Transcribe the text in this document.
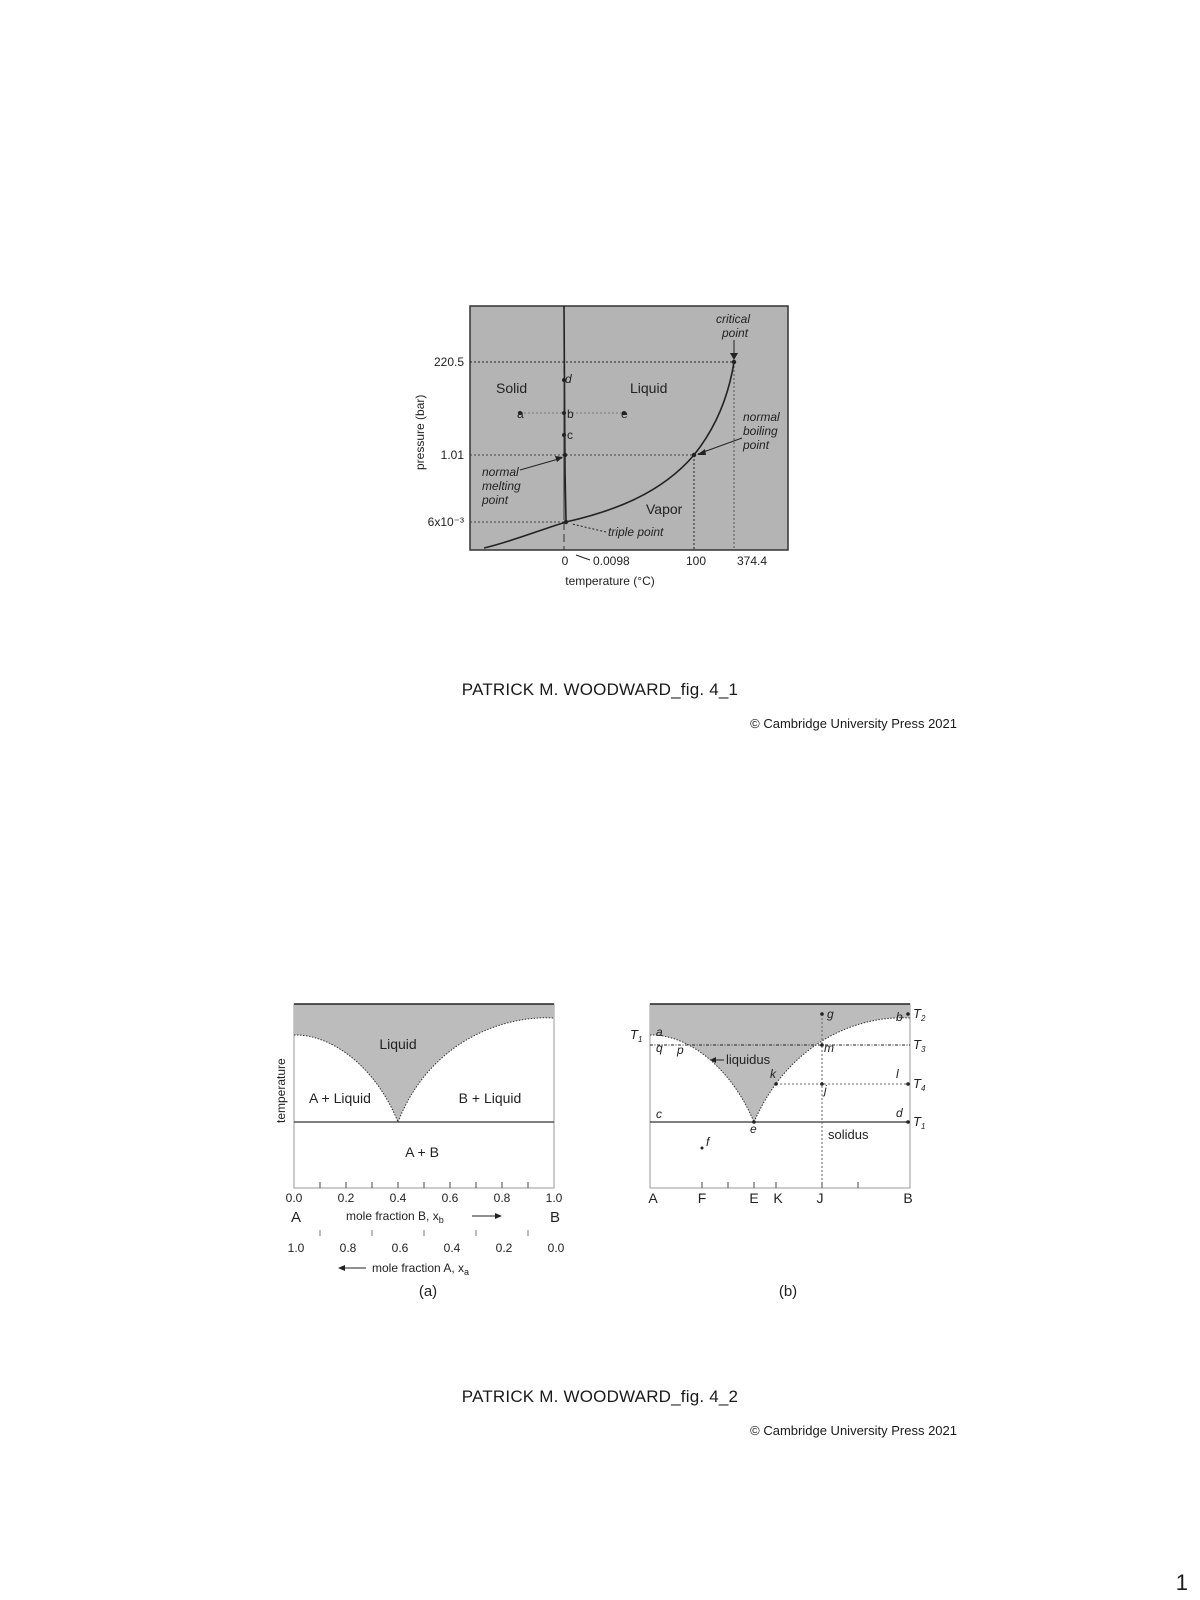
a	b
c
d
e
Solid	Liquid
Vapor
critical
point
normal
boiling
point
normal
melting
point
triple point
220.5
1.01
6x10⁻³
pressure (bar)
0 0.0098	100	374.4
temperature (°C)
PATRICK M. WOODWARD_fig. 4_1
© Cambridge University Press 2021
Liquid
A + Liquid	B + Liquid
A + B
temperature
0.0	0.2	0.4	0.6	0.8	1.0
A	B
mole fraction B, $x_b$
1.0	0.8	0.6	0.4	0.2	0.0
mole fraction A, $x_a$
(a)
a
q p
c
e
f
g	b
m
k
j
l
d
liquidus
solidus
$T_1$
$T_2$
$T_3$
$T_4$
$T_1$
A	F	E K J	B
(b)
PATRICK M. WOODWARD_fig. 4_2
© Cambridge University Press 2021
1
